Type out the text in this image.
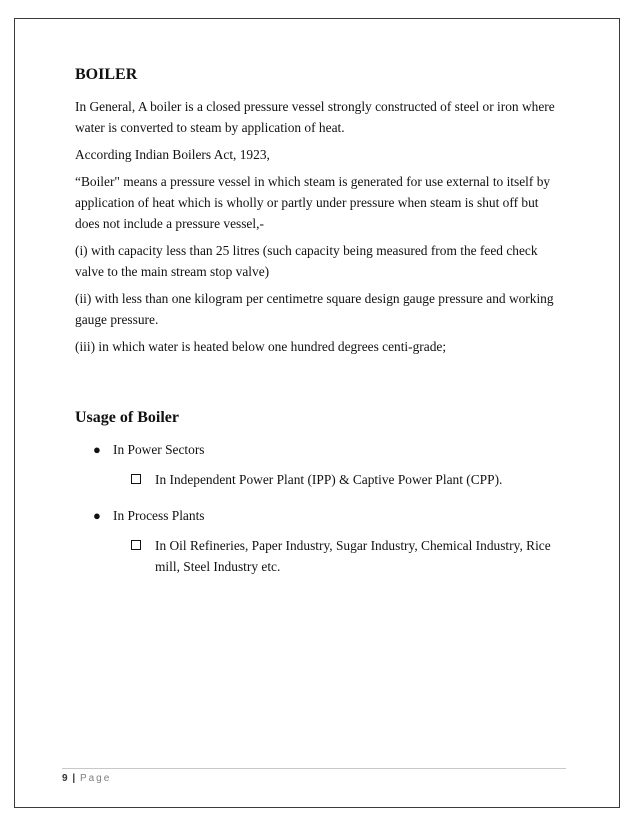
BOILER

In General, A boiler is a closed pressure vessel strongly constructed of steel or iron where water is converted to steam by application of heat.

According Indian Boilers Act, 1923,

“Boiler" means a pressure vessel in which steam is generated for use external to itself by application of heat which is wholly or partly under pressure when steam is shut off but does not include a pressure vessel,-

(i) with capacity less than 25 litres (such capacity being measured from the feed check valve to the main stream stop valve)

(ii) with less than one kilogram per centimetre square design gauge pressure and working gauge pressure.

(iii) in which water is heated below one hundred degrees centi-grade;

Usage of Boiler
● In Power Sectors
In Independent Power Plant (IPP) & Captive Power Plant (CPP).
● In Process Plants
In Oil Refineries, Paper Industry, Sugar Industry, Chemical Industry, Rice mill, Steel Industry etc.
9 | Page
